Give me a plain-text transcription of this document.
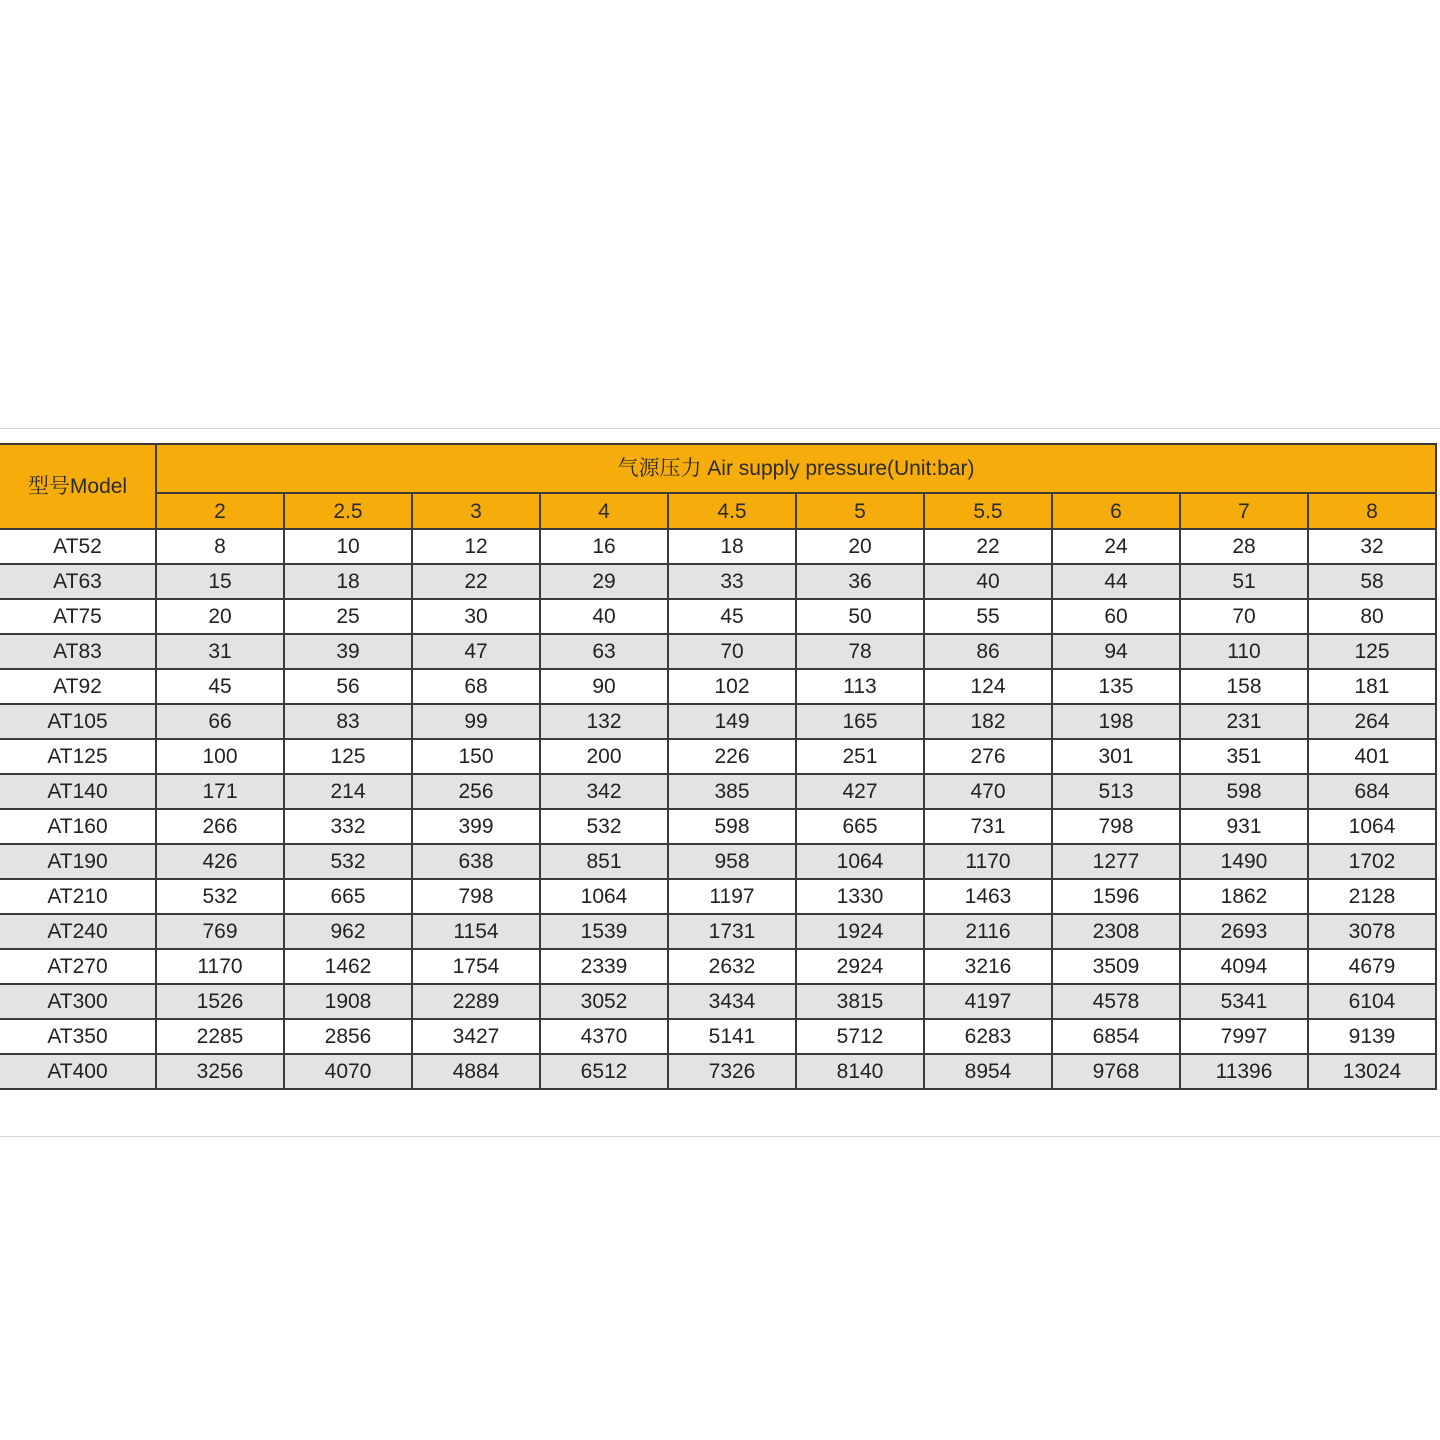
型号Model	气源压力 Air supply pressure(Unit:bar)									
	2	2.5	3	4	4.5	5	5.5	6	7	8
AT52	8	10	12	16	18	20	22	24	28	32
AT63	15	18	22	29	33	36	40	44	51	58
AT75	20	25	30	40	45	50	55	60	70	80
AT83	31	39	47	63	70	78	86	94	110	125
AT92	45	56	68	90	102	113	124	135	158	181
AT105	66	83	99	132	149	165	182	198	231	264
AT125	100	125	150	200	226	251	276	301	351	401
AT140	171	214	256	342	385	427	470	513	598	684
AT160	266	332	399	532	598	665	731	798	931	1064
AT190	426	532	638	851	958	1064	1170	1277	1490	1702
AT210	532	665	798	1064	1197	1330	1463	1596	1862	2128
AT240	769	962	1154	1539	1731	1924	2116	2308	2693	3078
AT270	1170	1462	1754	2339	2632	2924	3216	3509	4094	4679
AT300	1526	1908	2289	3052	3434	3815	4197	4578	5341	6104
AT350	2285	2856	3427	4370	5141	5712	6283	6854	7997	9139
AT400	3256	4070	4884	6512	7326	8140	8954	9768	11396	13024
